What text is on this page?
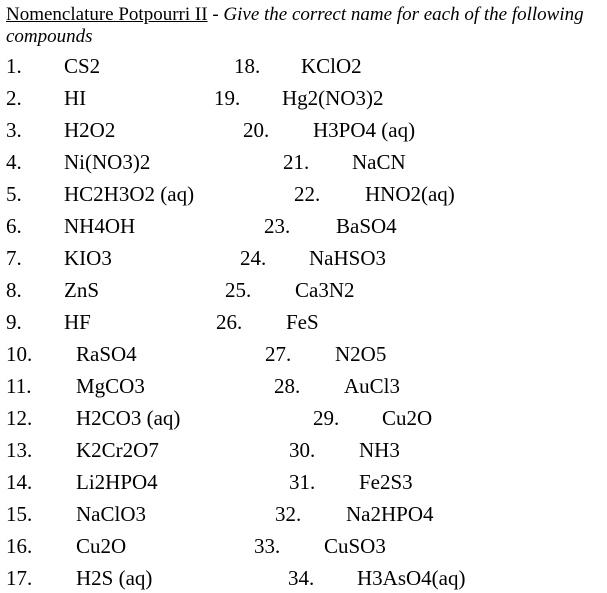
Nomenclature Potpourri II - Give the correct name for each of the following compounds
1. CS2
2. HI
3. H2O2
4. Ni(NO3)2
5. HC2H3O2 (aq)
6. NH4OH
7. KIO3
8. ZnS
9. HF
10. RaSO4
11. MgCO3
12. H2CO3 (aq)
13. K2Cr2O7
14. Li2HPO4
15. NaClO3
16. Cu2O
17. H2S (aq)
18. KClO2
19. Hg2(NO3)2
20. H3PO4 (aq)
21. NaCN
22. HNO2(aq)
23. BaSO4
24. NaHSO3
25. Ca3N2
26. FeS
27. N2O5
28. AuCl3
29. Cu2O
30. NH3
31. Fe2S3
32. Na2HPO4
33. CuSO3
34. H3AsO4(aq)
